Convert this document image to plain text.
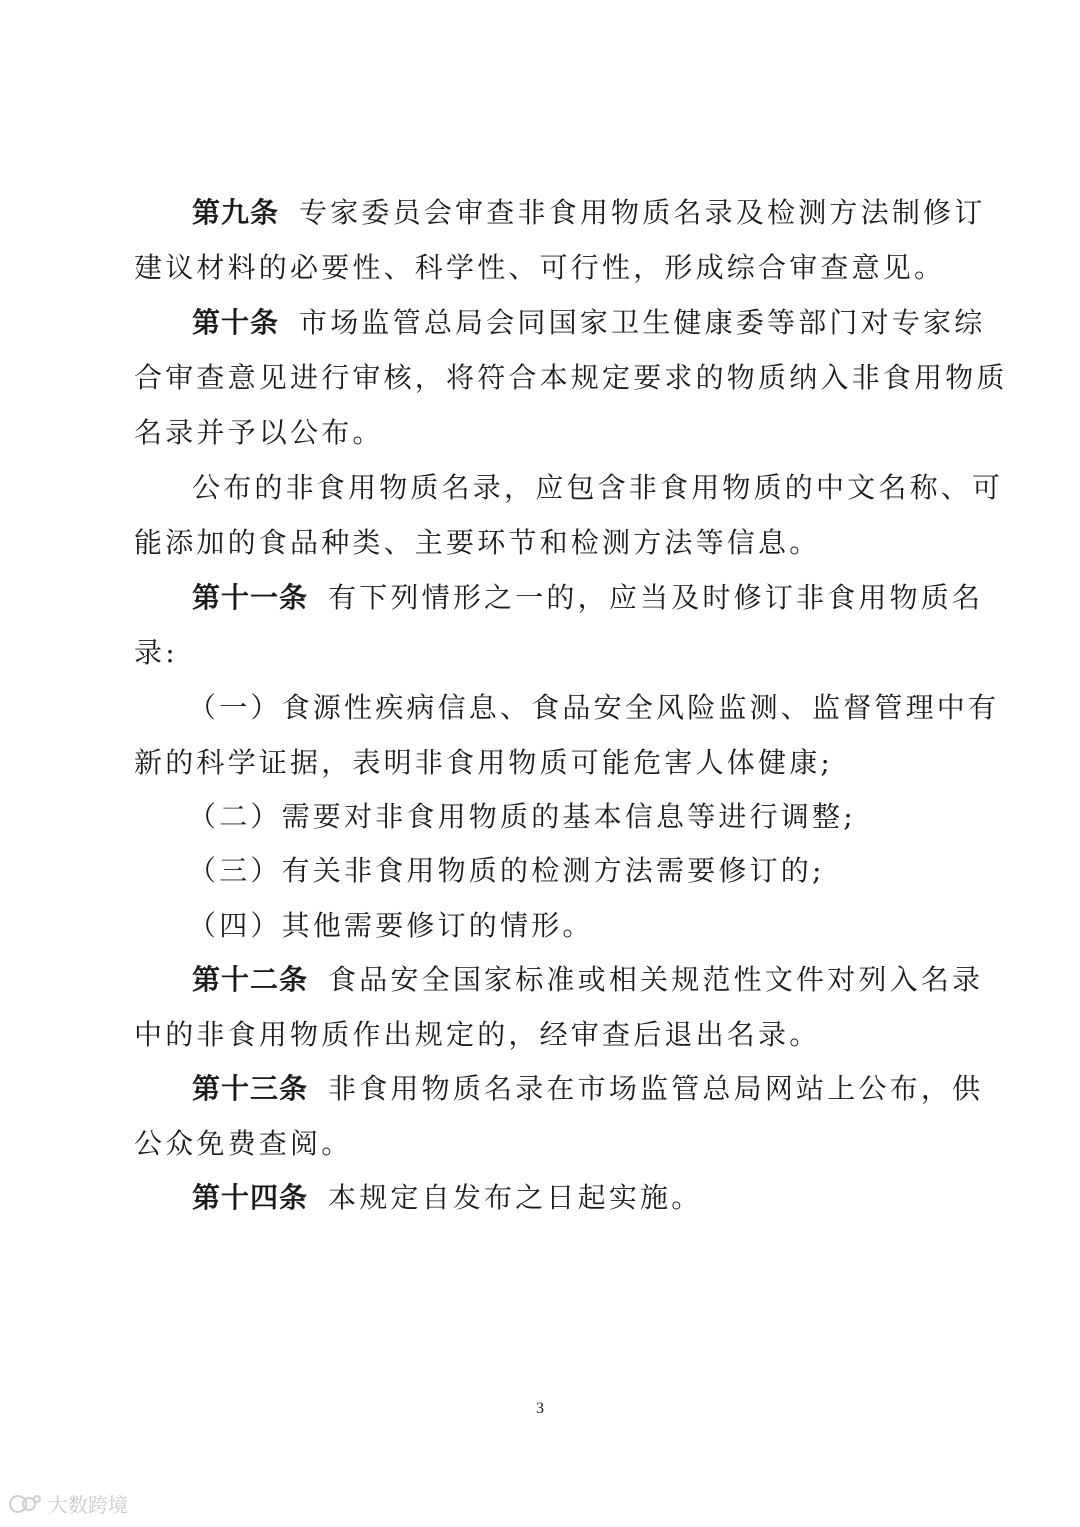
第九条 专家委员会审查非食用物质名录及检测方法制修订
建议材料的必要性、科学性、可行性，形成综合审查意见。
第十条 市场监管总局会同国家卫生健康委等部门对专家综
合审查意见进行审核，将符合本规定要求的物质纳入非食用物质
名录并予以公布。
公布的非食用物质名录，应包含非食用物质的中文名称、可
能添加的食品种类、主要环节和检测方法等信息。
第十一条 有下列情形之一的，应当及时修订非食用物质名
录:
（一）食源性疾病信息、食品安全风险监测、监督管理中有
新的科学证据，表明非食用物质可能危害人体健康;
（二）需要对非食用物质的基本信息等进行调整;
（三）有关非食用物质的检测方法需要修订的;
（四）其他需要修订的情形。
第十二条 食品安全国家标准或相关规范性文件对列入名录
中的非食用物质作出规定的，经审查后退出名录。
第十三条 非食用物质名录在市场监管总局网站上公布，供
公众免费查阅。
第十四条 本规定自发布之日起实施。
3
大数跨境
